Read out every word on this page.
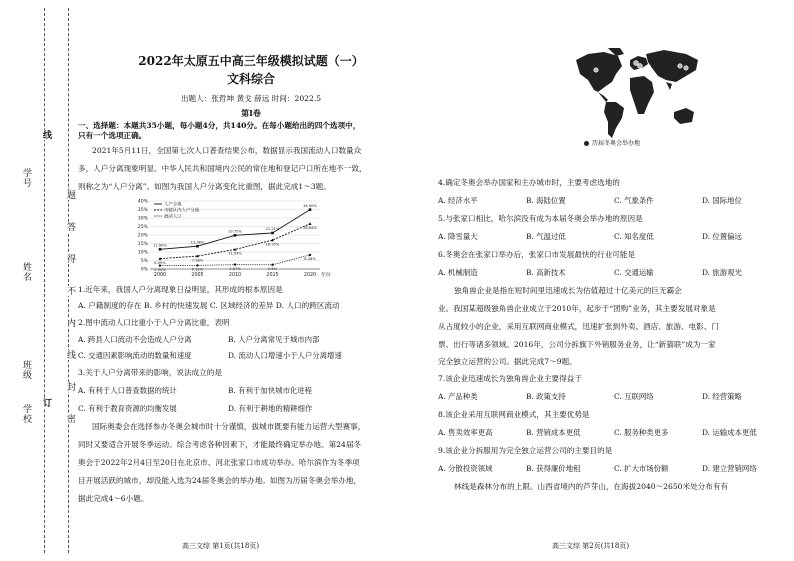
学号
姓名
学校
班级
线
订
题
答
得
不
内
线
封
密
2022年太原五中高三年级模拟试题（一）
文科综合
出题人：张哲坤 黄戈 薛远 时间：2022.5
第Ⅰ卷
一、选择题：本题共35小题，每小题4分，共140分。在每小题给出的四个选项中，
只有一个选项正确。
2021年5月11日，全国第七次人口普查结果公布，数据显示我国流动人口数量众
多，人户分离现象明显。中华人民共和国境内公民的常住地和登记户口所在地不一致，
则称之为“人户分离”。如图为我国人户分离变化比重图，据此完成1～3题。
0%
5%
10%
15%
20%
25%
30%
35%
40%
2000	2005	2010	2015	2020 年份
11.60%
13.38%
19.75%
21.21%
34.90%
人户分离
6.09%
7.58%
11.54%
16.95%
26.64%
市辖区内人户分离
2.04%	2.12%	2.57%	2.5%
8.28%
流动人口
1.近年来，我国人户分离现象日益明显，其形成的根本原因是
A. 户籍制度的存在 B. 乡村的快速发展 C. 区域经济的差异 D. 人口的跨区流动
2.图中流动人口比重小于人户分离比重，表明
A. 跨县人口流动不会造成人户分离	B. 人户分离常见于城市内部
C. 交通因素影响流动的数量和速度	D. 流动人口增速小于人户分离增速
3.关于人户分离带来的影响，说法成立的是
A. 有利于人口普查数据的统计	B. 有利于加快城市化进程
C. 有利于教育资源的均衡发展	D. 有利于耕地的精耕细作
国际奥委会在选择参办冬奥会城市时十分谨慎，拔城市既要有能力运营大型赛事，
同时又要适合开展冬季运动。综合考虑各种因素下，才能最终确定举办地。第24届冬
奥会于2022年2月4日至20日在北京市、河北张家口市成功举办。哈尔滨作为冬季项
目开展活跃的城市，却没能入选为24届冬奥会的举办地。如图为历届冬奥会举办地，
据此完成4～6小题。
高三文综 第1页(共18页)
历届冬奥会举办地
4.确定冬奥会举办国家和主办城市时，主要考虑选地的
A. 经济水平	B. 海陆位置	C. 气象条件	D. 国际地位
5.与张家口相比，哈尔滨没有成为本届冬奥会举办地的原因是
A. 降雪量大	B. 气温过低	C. 知名度低	D. 位置偏远
6.冬奥会在张家口举办后，张家口市发展最快的行业可能是
A. 机械制造	B. 高新技术	C. 交通运输	D. 旅游观光
独角兽企业是指在短时间里迅速成长为估值超过十亿美元的巨无霸企
业。我国某超级独角兽企业成立于2010年，起步于“团购”业务，其主要发展对象是
从占度较小的企业，采用互联网商业模式，迅速扩张到外卖、酒店、旅游、电影、门
票、出行等诸多领域。2016年，公司分拆旗下外销服务业务，让“新猫联”成为一家
完全独立运营的公司。据此完成7～9题。
7.该企业迅速成长为独角兽企业主要得益于
A. 产品种类	B. 政策支持	C. 互联网络	D. 经营策略
8.该企业采用互联网商业模式，其主要优势是
A. 售卖效率更高	B. 营销成本更低	C. 服务种类更多	D. 运输成本更低
9.该企业分拆服用为完全独立运营公司的主要目的是
A. 分散投资领域	B. 获得廉价地租	C. 扩大市场份额	D. 建立营销网络
林线是森林分布的上限。山西省境内的芦芽山，在海拔2040～2650米处分布有有
高三文综 第2页(共18页)
